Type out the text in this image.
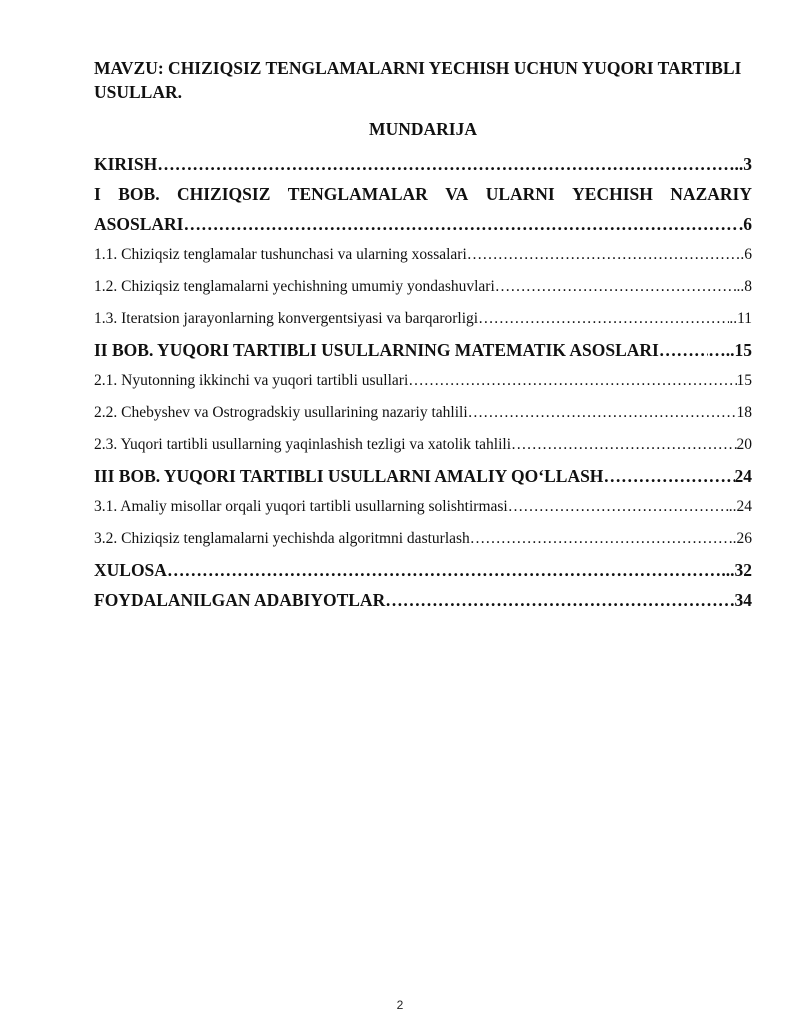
MAVZU: CHIZIQSIZ TENGLAMALARNI YECHISH UCHUN YUQORI TARTIBLI USULLAR.

MUNDARIJA
KIRISH …………………………………………………………………………………………………………………………………………………………………………………………………	..3
I BOB. CHIZIQSIZ TENGLAMALAR VA ULARNI YECHISH NAZARIY
ASOSLARI …………………………………………………………………………………………………………………………………………………………………………………………………	.6
1.1. Chiziqsiz tenglamalar tushunchasi va ularning xossalari …………………………………………………………………………………………………………………………………………………………………………………………………	.6
1.2. Chiziqsiz tenglamalarni yechishning umumiy yondashuvlari …………………………………………………………………………………………………………………………………………………………………………………………………	..8
1.3. Iteratsion jarayonlarning konvergentsiyasi va barqarorligi …………………………………………………………………………………………………………………………………………………………………………………………………	..11
II BOB. YUQORI TARTIBLI USULLARNING MATEMATIK ASOSLARI …………………………………………………………………………………………………………………………………………………………………………………………………	…..15
2.1. Nyutonning ikkinchi va yuqori tartibli usullari …………………………………………………………………………………………………………………………………………………………………………………………………	15
2.2. Chebyshev va Ostrogradskiy usullarining nazariy tahlili …………………………………………………………………………………………………………………………………………………………………………………………………	18
2.3. Yuqori tartibli usullarning yaqinlashish tezligi va xatolik tahlili …………………………………………………………………………………………………………………………………………………………………………………………………	20
III BOB. YUQORI TARTIBLI USULLARNI AMALIY QO‘LLASH …………………………………………………………………………………………………………………………………………………………………………………………………	24
3.1. Amaliy misollar orqali yuqori tartibli usullarning solishtirmasi …………………………………………………………………………………………………………………………………………………………………………………………………	..24
3.2. Chiziqsiz tenglamalarni yechishda algoritmni dasturlash …………………………………………………………………………………………………………………………………………………………………………………………………	..26
XULOSA …………………………………………………………………………………………………………………………………………………………………………………………………	...32
FOYDALANILGAN ADABIYOTLAR …………………………………………………………………………………………………………………………………………………………………………………………………	.34
2
